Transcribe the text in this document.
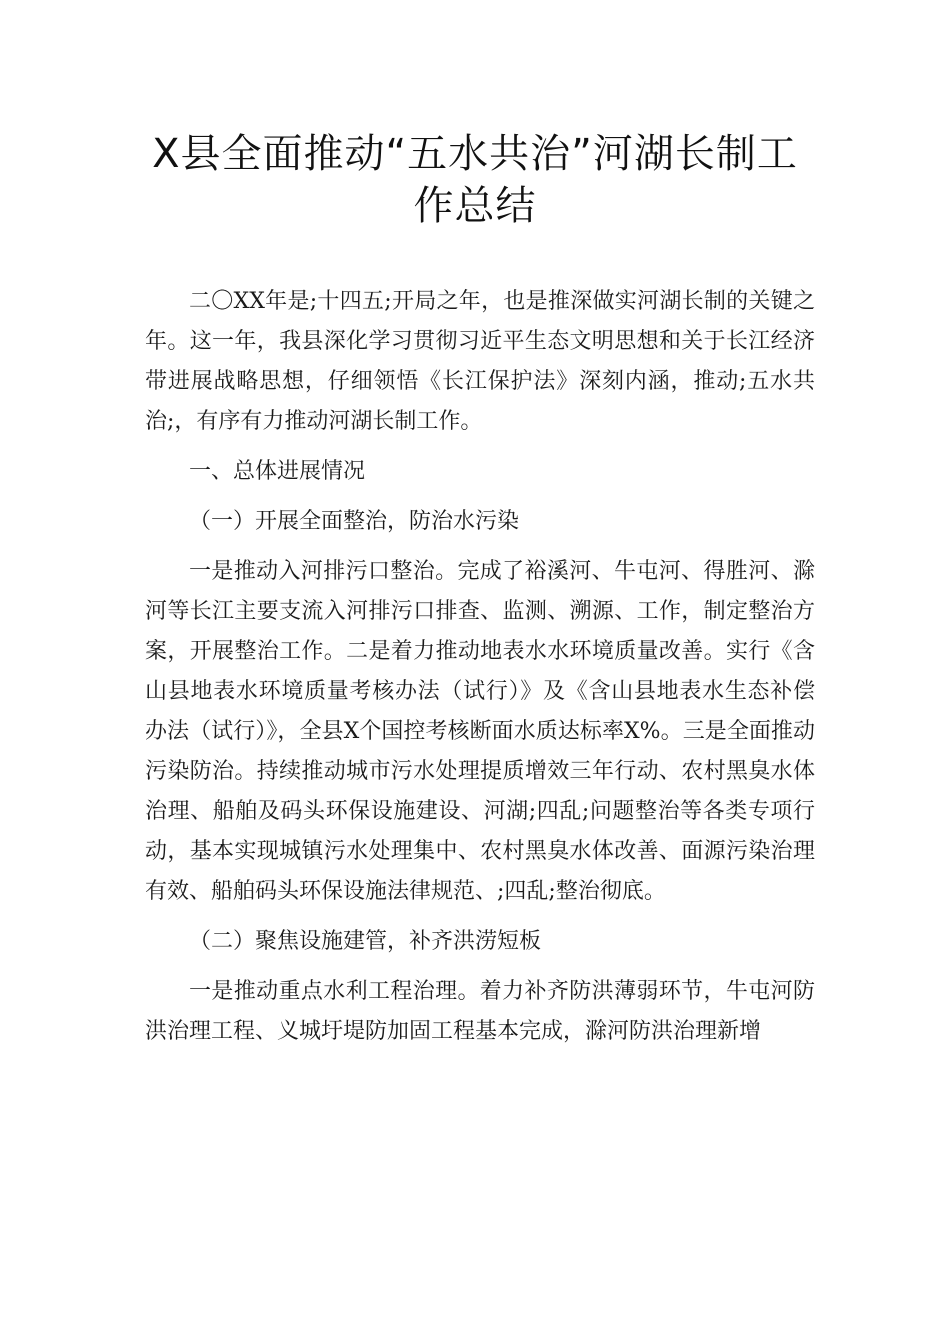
X县全面推动“五水共治”河湖长制工
作总结

二〇XX年是;十四五;开局之年，也是推深做实河湖长制的关键之年。这一年，我县深化学习贯彻习近平生态文明思想和关于长江经济带进展战略思想，仔细领悟《长江保护法》深刻内涵，推动;五水共治;，有序有力推动河湖长制工作。

一、总体进展情况

（一）开展全面整治，防治水污染

一是推动入河排污口整治。完成了裕溪河、牛屯河、得胜河、滁河等长江主要支流入河排污口排查、监测、溯源、工作，制定整治方案，开展整治工作。二是着力推动地表水水环境质量改善。实行《含山县地表水环境质量考核办法（试行）》及《含山县地表水生态补偿办法（试行）》，全县X个国控考核断面水质达标率X%。三是全面推动污染防治。持续推动城市污水处理提质增效三年行动、农村黑臭水体治理、船舶及码头环保设施建设、河湖;四乱;问题整治等各类专项行动，基本实现城镇污水处理集中、农村黑臭水体改善、面源污染治理有效、船舶码头环保设施法律规范、;四乱;整治彻底。

（二）聚焦设施建管，补齐洪涝短板

一是推动重点水利工程治理。着力补齐防洪薄弱环节，牛屯河防洪治理工程、义城圩堤防加固工程基本完成，滁河防洪治理新增
